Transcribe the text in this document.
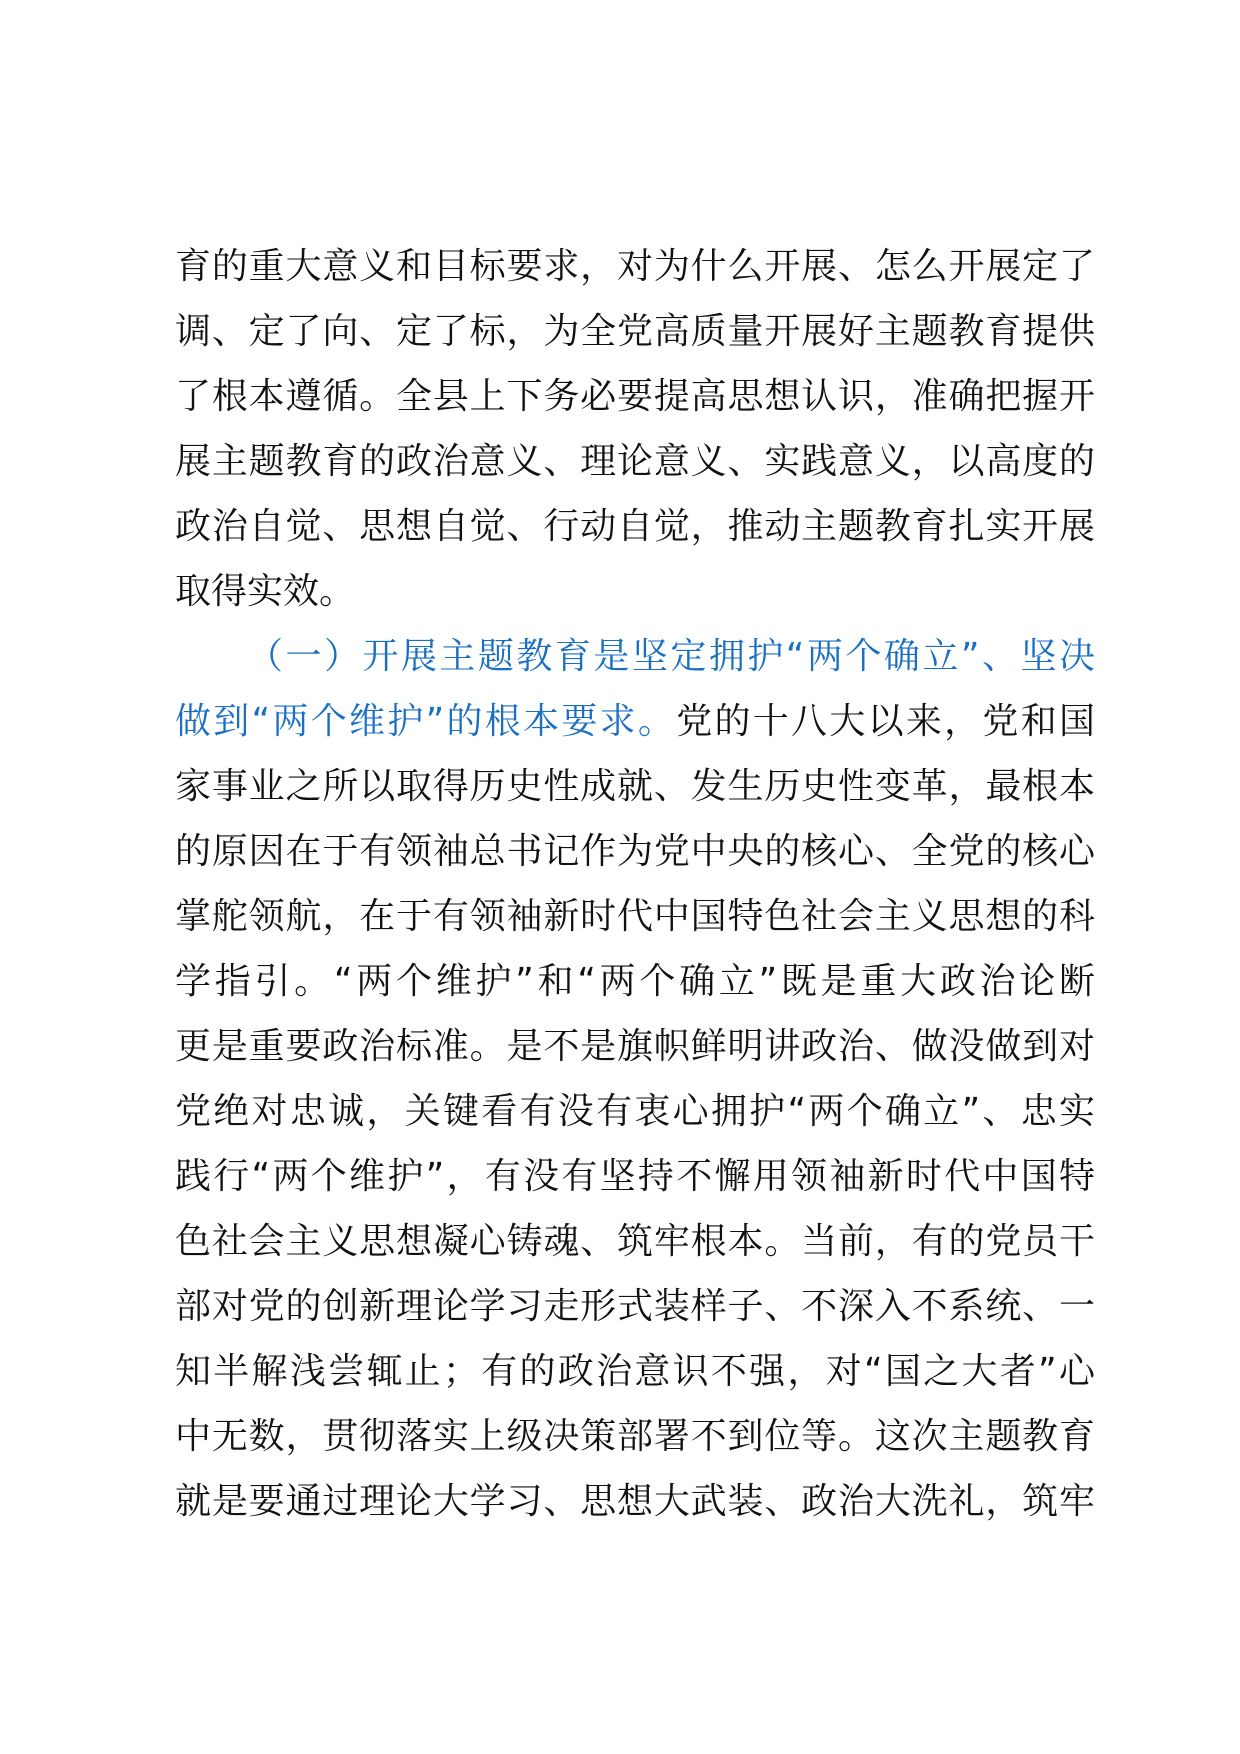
育的重大意义和目标要求，对为什么开展、怎么开展定了
调、定了向、定了标，为全党高质量开展好主题教育提供
了根本遵循。全县上下务必要提高思想认识，准确把握开
展主题教育的政治意义、理论意义、实践意义，以高度的
政治自觉、思想自觉、行动自觉，推动主题教育扎实开展
取得实效。
（一）开展主题教育是坚定拥护“两个确立”、坚决
做到“两个维护”的根本要求。党的十八大以来，党和国
家事业之所以取得历史性成就、发生历史性变革，最根本
的原因在于有领袖总书记作为党中央的核心、全党的核心
掌舵领航，在于有领袖新时代中国特色社会主义思想的科
学指引。“两个维护”和“两个确立”既是重大政治论断
更是重要政治标准。是不是旗帜鲜明讲政治、做没做到对
党绝对忠诚，关键看有没有衷心拥护“两个确立”、忠实
践行“两个维护”，有没有坚持不懈用领袖新时代中国特
色社会主义思想凝心铸魂、筑牢根本。当前，有的党员干
部对党的创新理论学习走形式装样子、不深入不系统、一
知半解浅尝辄止；有的政治意识不强，对“国之大者”心
中无数，贯彻落实上级决策部署不到位等。这次主题教育
就是要通过理论大学习、思想大武装、政治大洗礼，筑牢
